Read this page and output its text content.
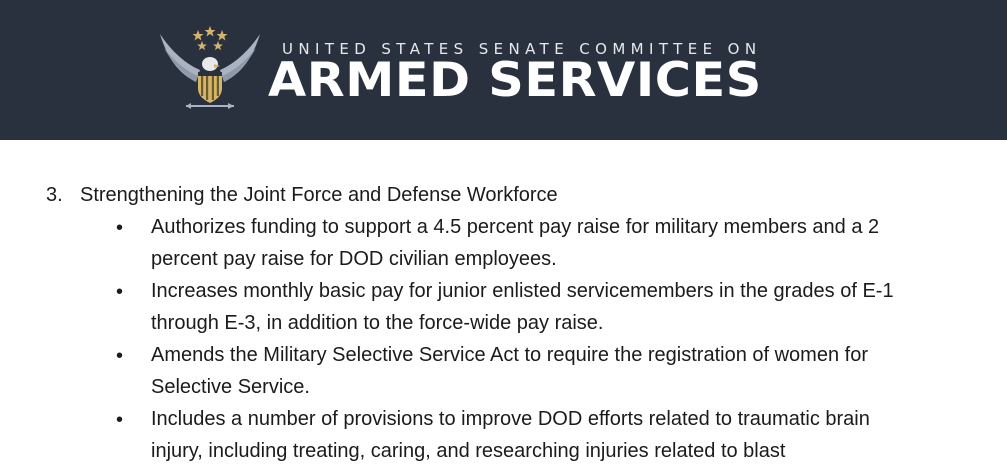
UNITED STATES SENATE COMMITTEE ON
ARMED SERVICES
3. Strengthening the Joint Force and Defense Workforce
• Authorizes funding to support a 4.5 percent pay raise for military members and a 2
percent pay raise for DOD civilian employees.
• Increases monthly basic pay for junior enlisted servicemembers in the grades of E-1
through E-3, in addition to the force-wide pay raise.
• Amends the Military Selective Service Act to require the registration of women for
Selective Service.
• Includes a number of provisions to improve DOD efforts related to traumatic brain
injury, including treating, caring, and researching injuries related to blast
